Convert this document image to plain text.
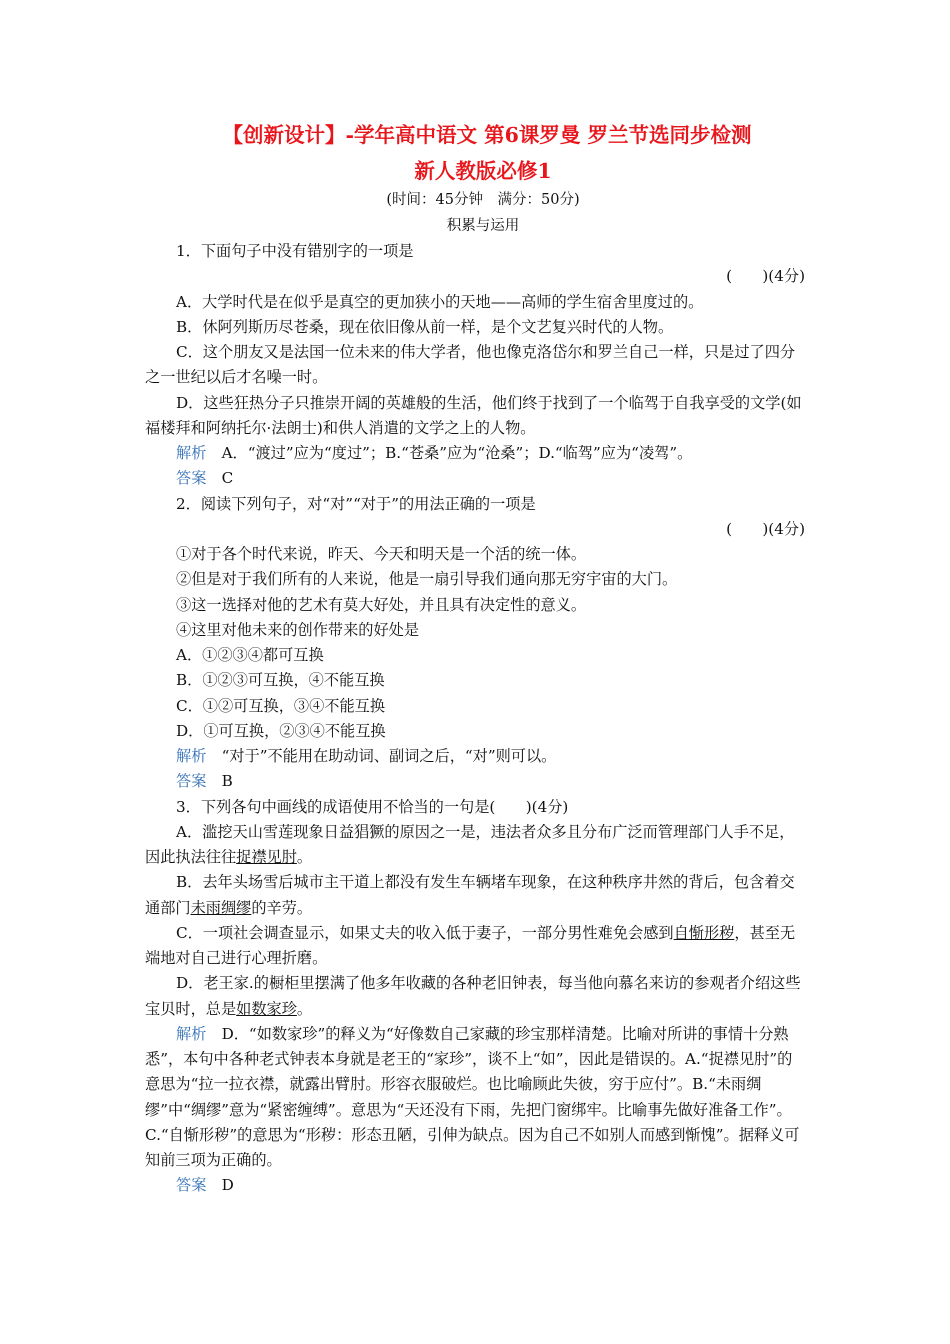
【创新设计】-学年高中语文 第6课罗曼 罗兰节选同步检测
新人教版必修1
(时间：45分钟　满分：50分)
积累与运用

1．下面句子中没有错别字的一项是

(　　)(4分)

A．大学时代是在似乎是真空的更加狭小的天地——高师的学生宿舍里度过的。

B．休阿列斯历尽苍桑，现在依旧像从前一样，是个文艺复兴时代的人物。

C．这个朋友又是法国一位未来的伟大学者，他也像克洛岱尔和罗兰自己一样，只是过了四分之一世纪以后才名噪一时。

D．这些狂热分子只推崇开阔的英雄般的生活，他们终于找到了一个临驾于自我享受的文学(如福楼拜和阿纳托尔·法朗士)和供人消遣的文学之上的人物。

解析　A．“渡过”应为“度过”；B.“苍桑”应为“沧桑”；D.“临驾”应为“凌驾”。

答案　C

2．阅读下列句子，对“对”“对于”的用法正确的一项是

(　　)(4分)

①对于各个时代来说，昨天、今天和明天是一个活的统一体。

②但是对于我们所有的人来说，他是一扇引导我们通向那无穷宇宙的大门。

③这一选择对他的艺术有莫大好处，并且具有决定性的意义。

④这里对他未来的创作带来的好处是

A．①②③④都可互换

B．①②③可互换，④不能互换

C．①②可互换，③④不能互换

D．①可互换，②③④不能互换

解析　“对于”不能用在助动词、副词之后，“对”则可以。

答案　B

3．下列各句中画线的成语使用不恰当的一句是(　　)(4分)

A．滥挖天山雪莲现象日益猖獗的原因之一是，违法者众多且分布广泛而管理部门人手不足，因此执法往往捉襟见肘。

B．去年头场雪后城市主干道上都没有发生车辆堵车现象，在这种秩序井然的背后，包含着交通部门未雨绸缪的辛劳。

C．一项社会调查显示，如果丈夫的收入低于妻子，一部分男性难免会感到自惭形秽，甚至无端地对自己进行心理折磨。

D．老王家.的橱柜里摆满了他多年收藏的各种老旧钟表，每当他向慕名来访的参观者介绍这些宝贝时，总是如数家珍。

解析　D．“如数家珍”的释义为“好像数自己家藏的珍宝那样清楚。比喻对所讲的事情十分熟悉”，本句中各种老式钟表本身就是老王的“家珍”，谈不上“如”，因此是错误的。A.“捉襟见肘”的意思为“拉一拉衣襟，就露出臂肘。形容衣服破烂。也比喻顾此失彼，穷于应付”。B.“未雨绸缪”中“绸缪”意为“紧密缠缚”。意思为“天还没有下雨，先把门窗绑牢。比喻事先做好准备工作”。C.“自惭形秽”的意思为“形秽：形态丑陋，引伸为缺点。因为自己不如别人而感到惭愧”。据释义可知前三项为正确的。

答案　D
